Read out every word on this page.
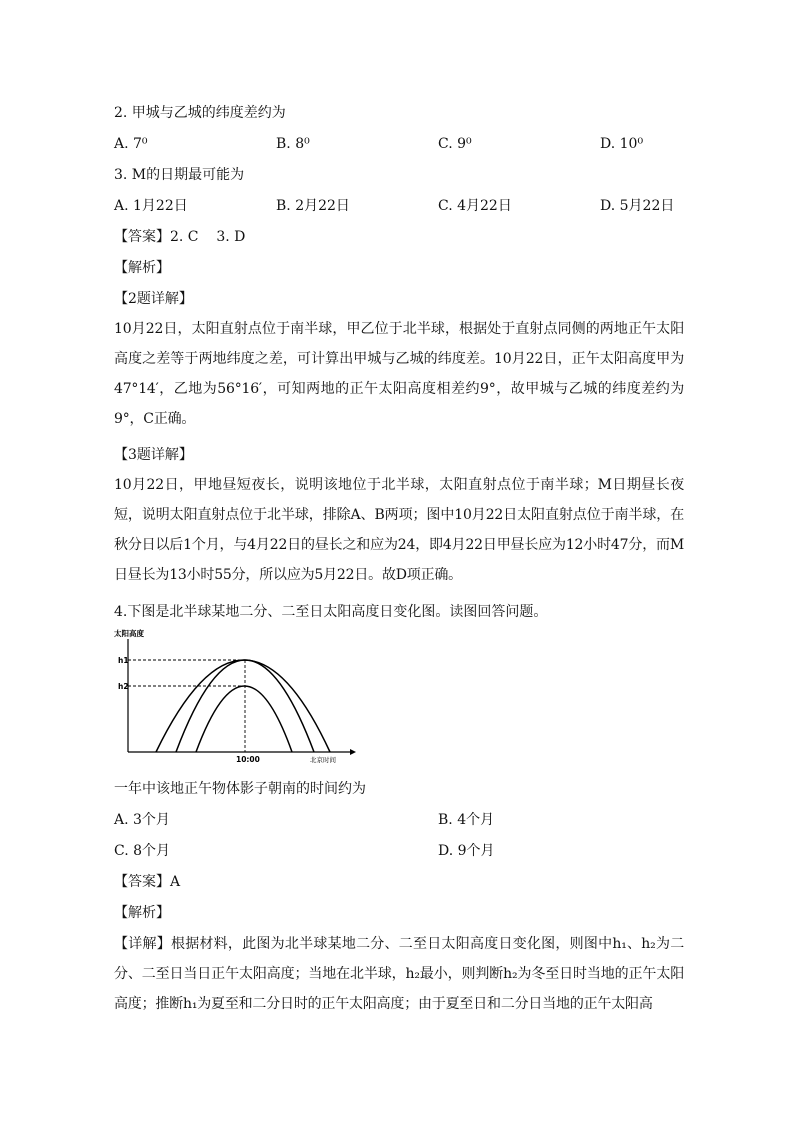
2. 甲城与乙城的纬度差约为
A. 7⁰	B. 8⁰	C. 9⁰	D. 10⁰
3. M的日期最可能为
A. 1月22日	B. 2月22日	C. 4月22日	D. 5月22日
【答案】2. C    3. D
【解析】
【2题详解】
10月22日，太阳直射点位于南半球，甲乙位于北半球，根据处于直射点同侧的两地正午太阳高度之差等于两地纬度之差，可计算出甲城与乙城的纬度差。10月22日，正午太阳高度甲为47°14′，乙地为56°16′，可知两地的正午太阳高度相差约9°，故甲城与乙城的纬度差约为9°，C正确。
【3题详解】
10月22日，甲地昼短夜长，说明该地位于北半球，太阳直射点位于南半球；M日期昼长夜短，说明太阳直射点位于北半球，排除A、B两项；图中10月22日太阳直射点位于南半球，在秋分日以后1个月，与4月22日的昼长之和应为24，即4月22日甲昼长应为12小时47分，而M日昼长为13小时55分，所以应为5月22日。故D项正确。
4.下图是北半球某地二分、二至日太阳高度日变化图。读图回答问题。
太阳高度
北京时间
10:00
h1
h2
一年中该地正午物体影子朝南的时间约为
A. 3个月	B. 4个月
C. 8个月	D. 9个月
【答案】A
【解析】
【详解】根据材料，此图为北半球某地二分、二至日太阳高度日变化图，则图中h₁、h₂为二分、二至日当日正午太阳高度；当地在北半球，h₂最小，则判断h₂为冬至日时当地的正午太阳高度；推断h₁为夏至和二分日时的正午太阳高度；由于夏至日和二分日当地的正午太阳高
